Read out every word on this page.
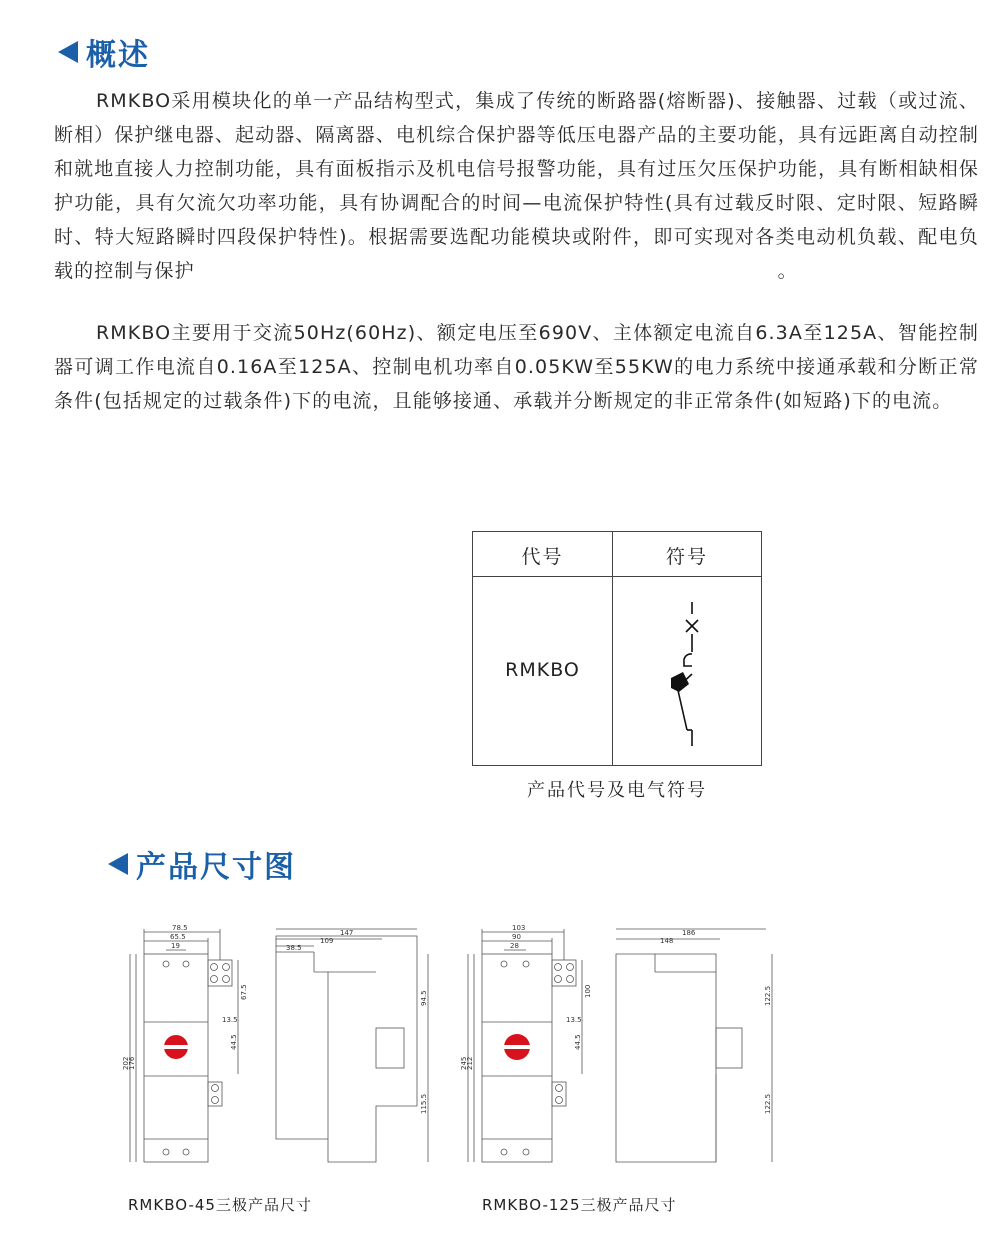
概述

RMKBO采用模块化的单一产品结构型式，集成了传统的断路器(熔断器)、接触器、过载（或过流、断相）保护继电器、起动器、隔离器、电机综合保护器等低压电器产品的主要功能，具有远距离自动控制和就地直接人力控制功能，具有面板指示及机电信号报警功能，具有过压欠压保护功能，具有断相缺相保护功能，具有欠流欠功率功能，具有协调配合的时间—电流保护特性(具有过载反时限、定时限、短路瞬时、特大短路瞬时四段保护特性)。根据需要选配功能模块或附件，即可实现对各类电动机负载、配电负载的控制与保护　　　　　　　　　　　　　　　　　　　　　　　　　　　　　。

RMKBO主要用于交流50Hz(60Hz)、额定电压至690V、主体额定电流自6.3A至125A、智能控制器可调工作电流自0.16A至125A、控制电机功率自0.05KW至55KW的电力系统中接通承载和分断正常条件(包括规定的过载条件)下的电流，且能够接通、承载并分断规定的非正常条件(如短路)下的电流。

代号	符号
RMKBO
产品代号及电气符号
产品尺寸图
78.5
65.5
19
202
176
67.5
13.5
44.5
147
109
38.5
94.5
115.5
RMKBO-45三极产品尺寸
103
90
28
245
212
100
13.5
44.5
186
148
122.5
122.5
RMKBO-125三极产品尺寸
